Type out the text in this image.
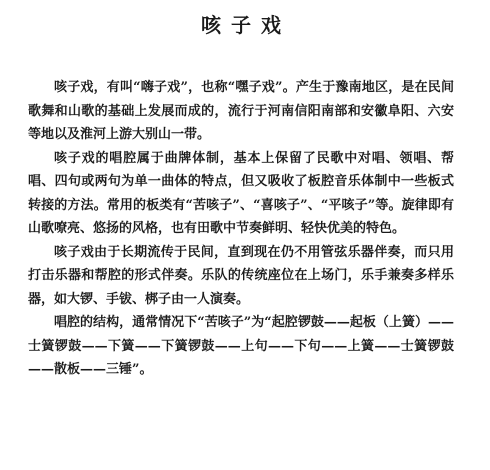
咳子戏

咳子戏，有叫“嗨子戏”，也称“嘿子戏”。产生于豫南地区，是在民间歌舞和山歌的基础上发展而成的，流行于河南信阳南部和安徽阜阳、六安等地以及淮河上游大别山一带。

咳子戏的唱腔属于曲牌体制，基本上保留了民歌中对唱、领唱、帮唱、四句或两句为单一曲体的特点，但又吸收了板腔音乐体制中一些板式转接的方法。常用的板类有“苦咳子”、“喜咳子”、“平咳子”等。旋律即有山歌嘹亮、悠扬的风格，也有田歌中节奏鲜明、轻快优美的特色。

咳子戏由于长期流传于民间，直到现在仍不用管弦乐器伴奏，而只用打击乐器和帮腔的形式伴奏。乐队的传统座位在上场门，乐手兼奏多样乐器，如大锣、手钹、梆子由一人演奏。

唱腔的结构，通常情况下“苦咳子”为“起腔锣鼓——起板（上簧）——士簧锣鼓——下簧——下簧锣鼓——上句——下句——上簧——士簧锣鼓——散板——三锤”。
